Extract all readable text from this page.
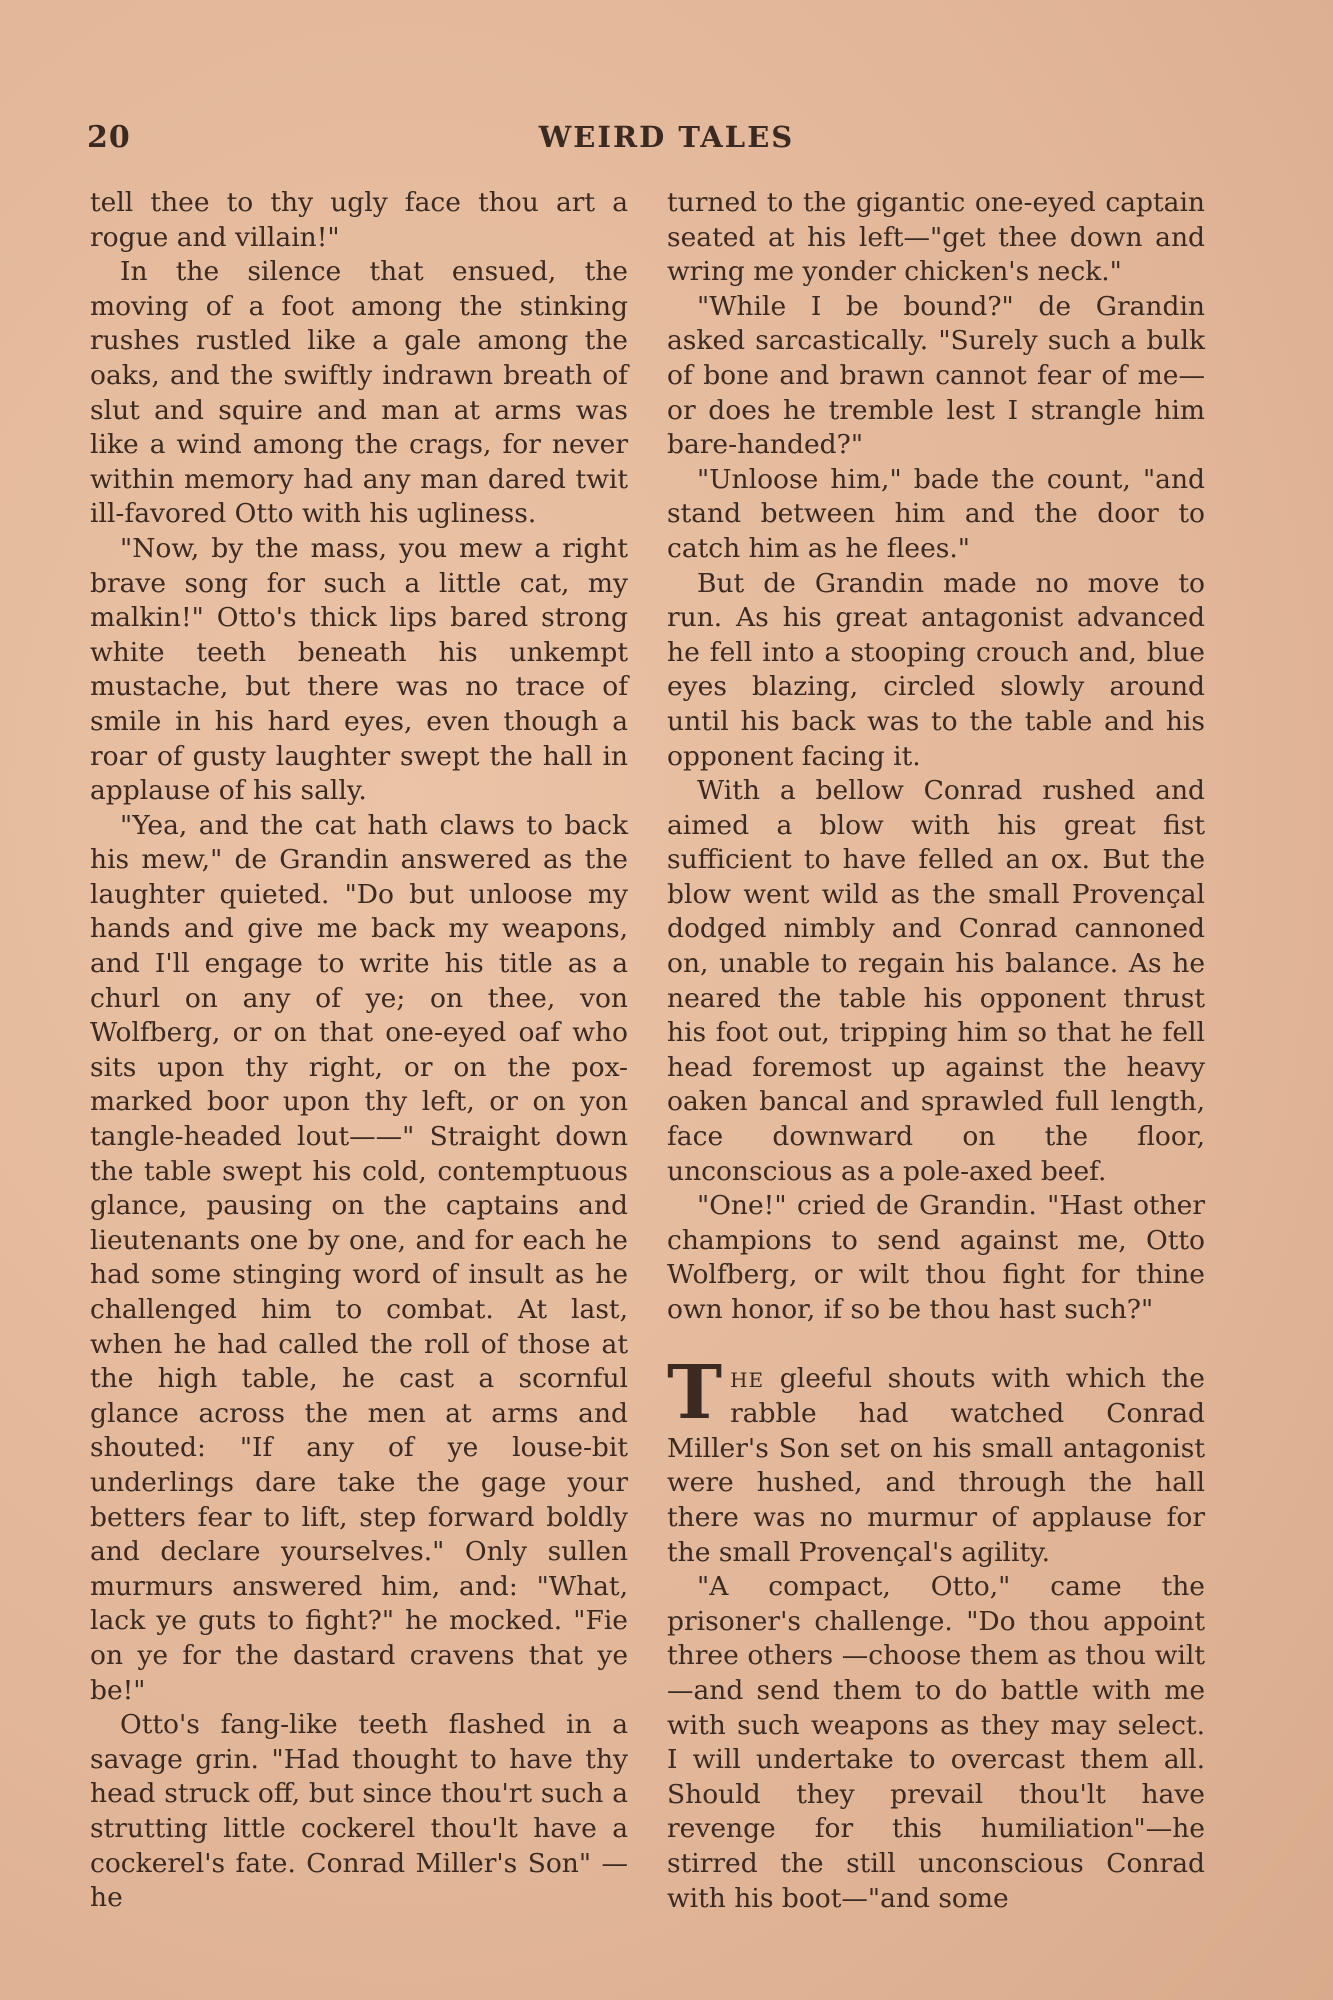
20	WEIRD TALES

tell thee to thy ugly face thou art a rogue and villain!"

In the silence that ensued, the moving of a foot among the stinking rushes rustled like a gale among the oaks, and the swiftly indrawn breath of slut and squire and man at arms was like a wind among the crags, for never within memory had any man dared twit ill-favored Otto with his ugliness.

"Now, by the mass, you mew a right brave song for such a little cat, my malkin!" Otto's thick lips bared strong white teeth beneath his unkempt mustache, but there was no trace of smile in his hard eyes, even though a roar of gusty laughter swept the hall in applause of his sally.

"Yea, and the cat hath claws to back his mew," de Grandin answered as the laughter quieted. "Do but unloose my hands and give me back my weapons, and I'll engage to write his title as a churl on any of ye; on thee, von Wolfberg, or on that one-eyed oaf who sits upon thy right, or on the pox-marked boor upon thy left, or on yon tangle-headed lout——" Straight down the table swept his cold, contemptuous glance, pausing on the captains and lieutenants one by one, and for each he had some stinging word of insult as he challenged him to combat. At last, when he had called the roll of those at the high table, he cast a scornful glance across the men at arms and shouted: "If any of ye louse-bit underlings dare take the gage your betters fear to lift, step forward boldly and declare yourselves." Only sullen murmurs answered him, and: "What, lack ye guts to fight?" he mocked. "Fie on ye for the dastard cravens that ye be!"

Otto's fang-like teeth flashed in a savage grin. "Had thought to have thy head struck off, but since thou'rt such a strutting little cockerel thou'lt have a cockerel's fate. Conrad Miller's Son" — he

turned to the gigantic one-eyed captain seated at his left—"get thee down and wring me yonder chicken's neck."

"While I be bound?" de Grandin asked sarcastically. "Surely such a bulk of bone and brawn cannot fear of me—or does he tremble lest I strangle him bare-handed?"

"Unloose him," bade the count, "and stand between him and the door to catch him as he flees."

But de Grandin made no move to run. As his great antagonist advanced he fell into a stooping crouch and, blue eyes blazing, circled slowly around until his back was to the table and his opponent facing it.

With a bellow Conrad rushed and aimed a blow with his great fist sufficient to have felled an ox. But the blow went wild as the small Provençal dodged nimbly and Conrad cannoned on, unable to regain his balance. As he neared the table his opponent thrust his foot out, tripping him so that he fell head foremost up against the heavy oaken bancal and sprawled full length, face downward on the floor, unconscious as a pole-axed beef.

"One!" cried de Grandin. "Hast other champions to send against me, Otto Wolfberg, or wilt thou fight for thine own honor, if so be thou hast such?"

THE gleeful shouts with which the rabble had watched Conrad Miller's Son set on his small antagonist were hushed, and through the hall there was no murmur of applause for the small Provençal's agility.

"A compact, Otto," came the prisoner's challenge. "Do thou appoint three others —choose them as thou wilt—and send them to do battle with me with such weapons as they may select. I will undertake to overcast them all. Should they prevail thou'lt have revenge for this humiliation"—he stirred the still unconscious Conrad with his boot—"and some
